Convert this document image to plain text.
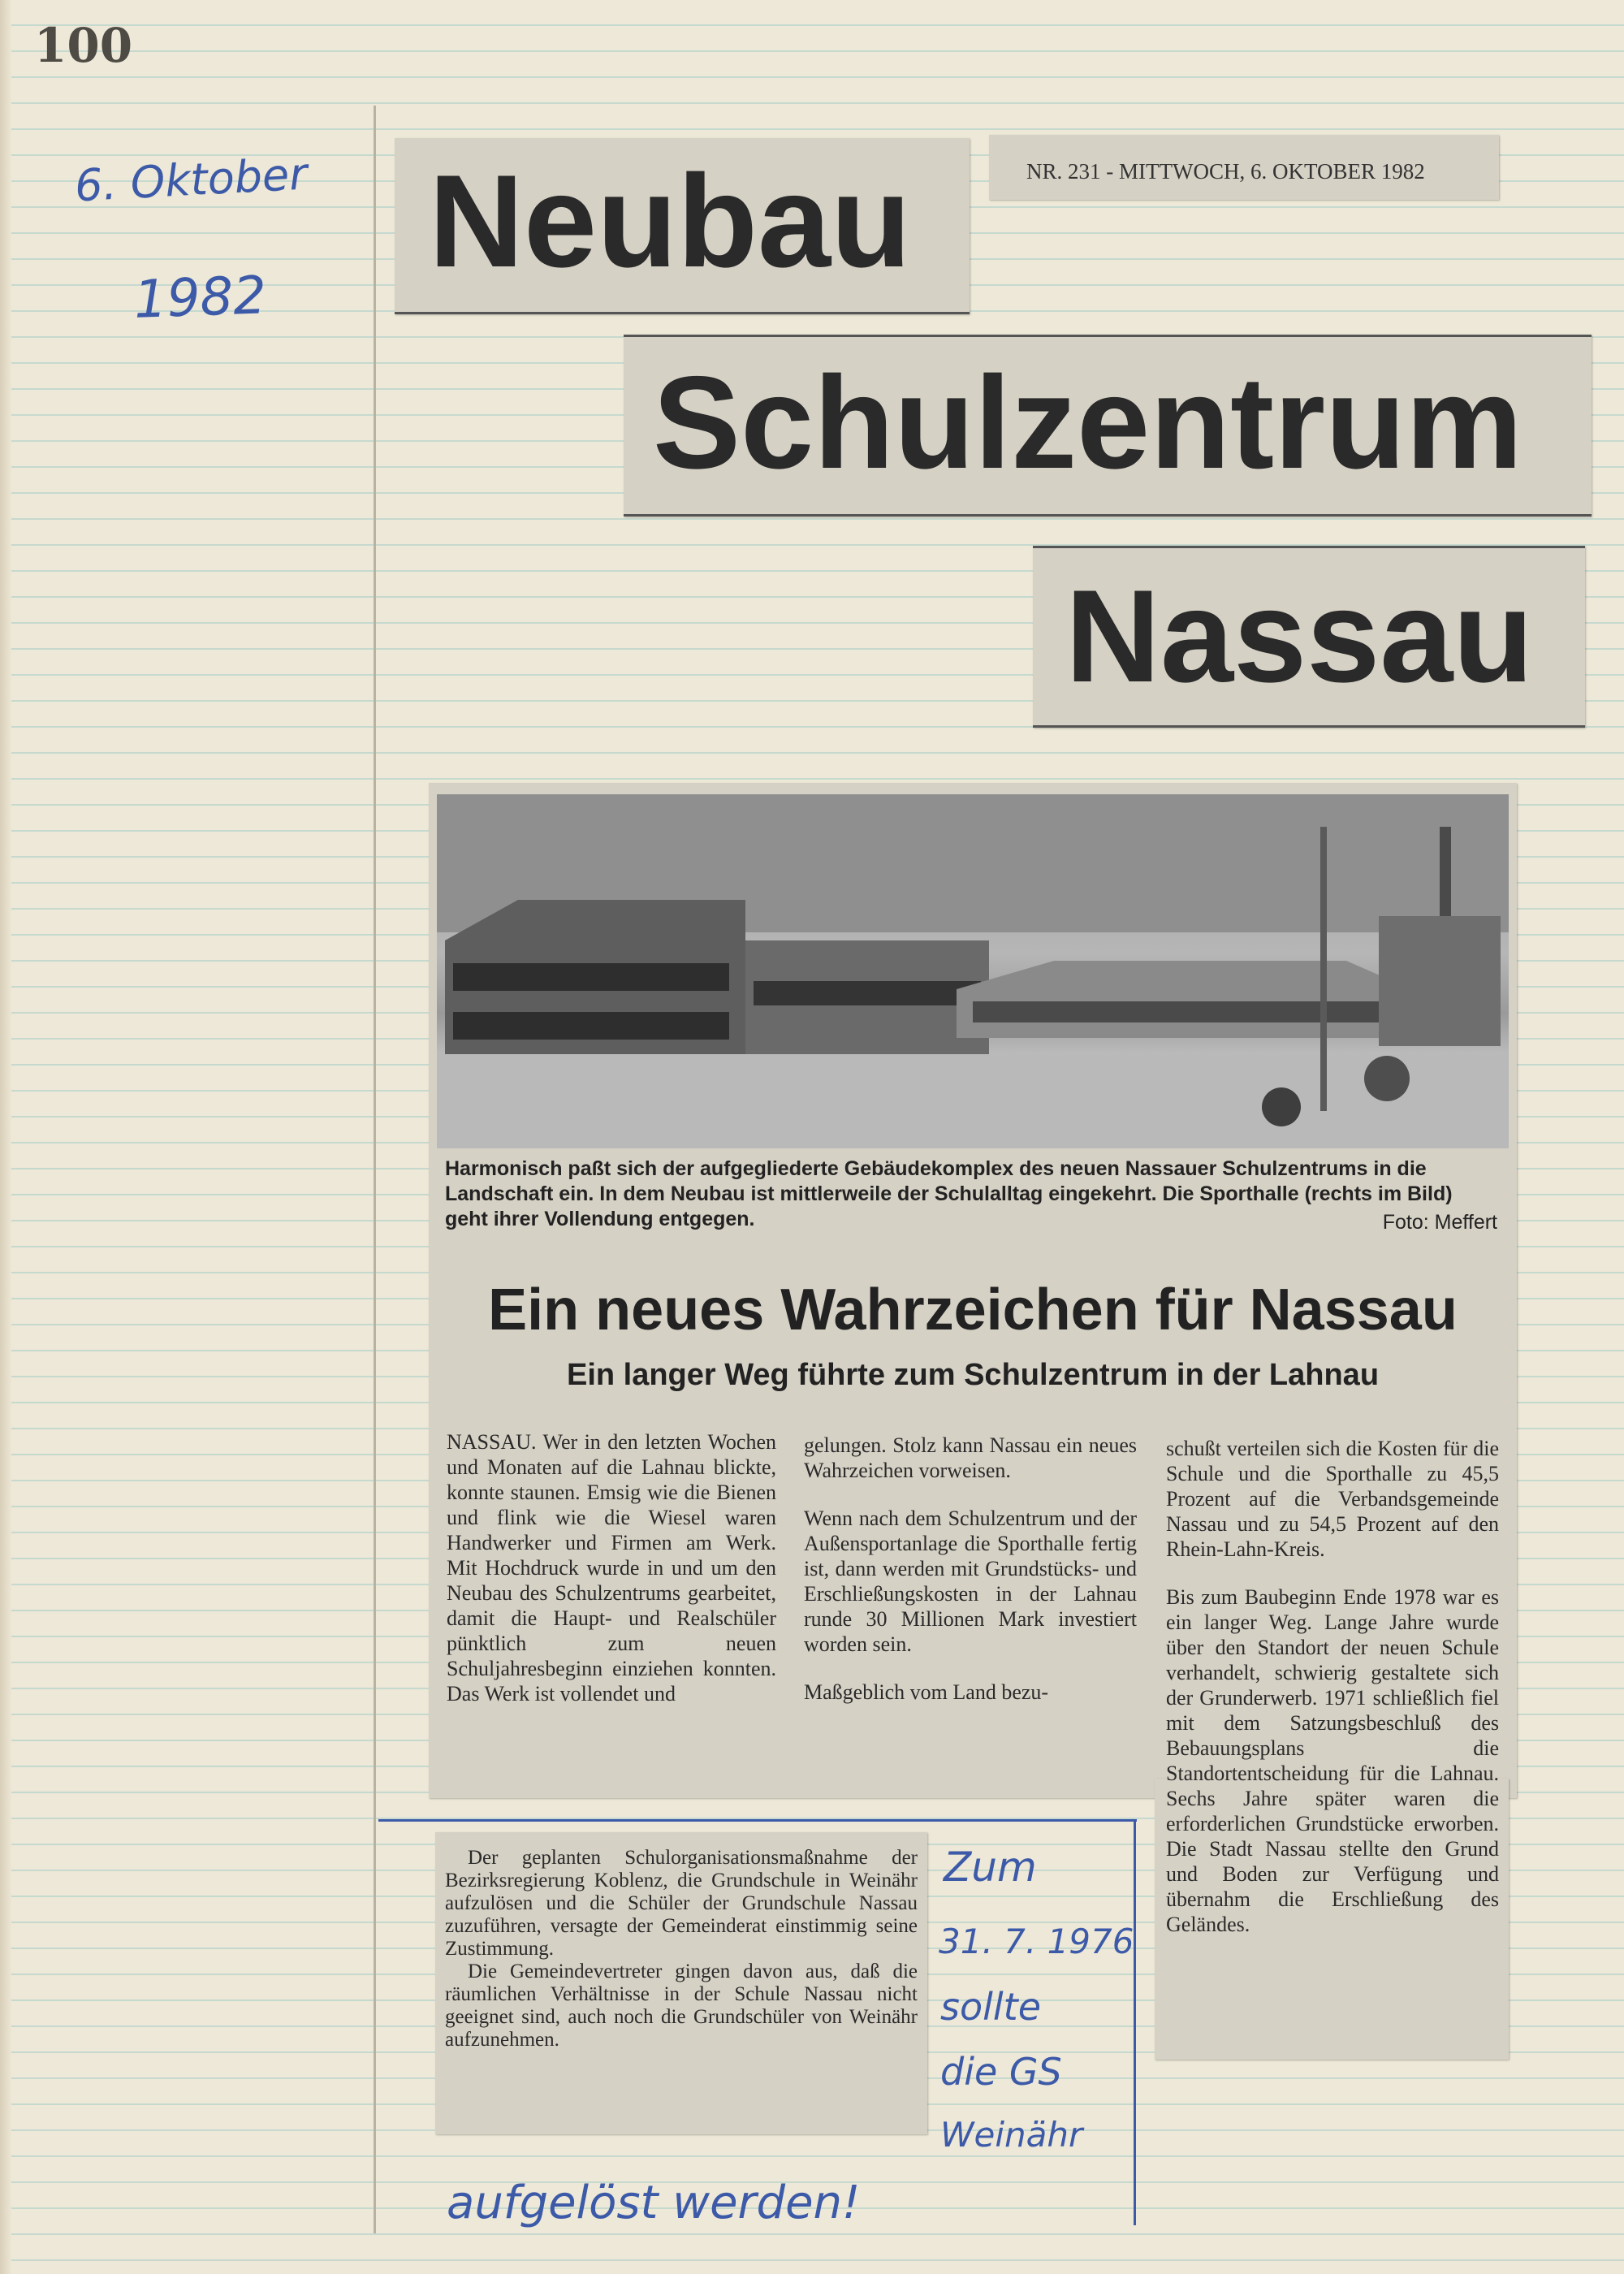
100
6. Oktober
1982
Neubau	NR. 231 - MITTWOCH, 6. OKTOBER 1982
Schulzentrum
Nassau
Harmonisch paßt sich der aufgegliederte Gebäudekomplex des neuen Nassauer Schulzentrums in die Landschaft ein. In dem Neubau ist mittlerweile der Schulalltag eingekehrt. Die Sporthalle (rechts im Bild) geht ihrer Vollendung entgegen.	Foto: Meffert
Ein neues Wahrzeichen für Nassau
Ein langer Weg führte zum Schulzentrum in der Lahnau

NASSAU. Wer in den letzten Wochen und Monaten auf die Lahnau blickte, konnte staunen. Emsig wie die Bienen und flink wie die Wiesel waren Handwerker und Firmen am Werk. Mit Hochdruck wurde in und um den Neubau des Schulzentrums gearbeitet, damit die Haupt- und Realschüler pünktlich zum neuen Schuljahresbeginn einziehen konnten. Das Werk ist vollendet und

gelungen. Stolz kann Nassau ein neues Wahrzeichen vorweisen.

Wenn nach dem Schulzentrum und der Außensportanlage die Sporthalle fertig ist, dann werden mit Grundstücks- und Erschließungskosten in der Lahnau runde 30 Millionen Mark investiert worden sein.

Maßgeblich vom Land bezu-

schußt verteilen sich die Kosten für die Schule und die Sporthalle zu 45,5 Prozent auf die Verbandsgemeinde Nassau und zu 54,5 Prozent auf den Rhein-Lahn-Kreis.

Bis zum Baubeginn Ende 1978 war es ein langer Weg. Lange Jahre wurde über den Standort der neuen Schule verhandelt, schwierig gestaltete sich der Grunderwerb. 1971 schließlich fiel mit dem Satzungsbeschluß des Bebauungsplans die Standortentscheidung für die Lahnau. Sechs Jahre später waren die erforderlichen Grundstücke erworben. Die Stadt Nassau stellte den Grund und Boden zur Verfügung und übernahm die Erschließung des Geländes.

Der geplanten Schulorganisationsmaßnahme der Bezirksregierung Koblenz, die Grundschule in Weinähr aufzulösen und die Schüler der Grundschule Nassau zuzuführen, versagte der Gemeinderat einstimmig seine Zustimmung.

Die Gemeindevertreter gingen davon aus, daß die räumlichen Verhältnisse in der Schule Nassau nicht geeignet sind, auch noch die Grundschüler von Weinähr aufzunehmen.

Zum
31. 7. 1976
sollte
die GS
Weinähr
aufgelöst werden!
